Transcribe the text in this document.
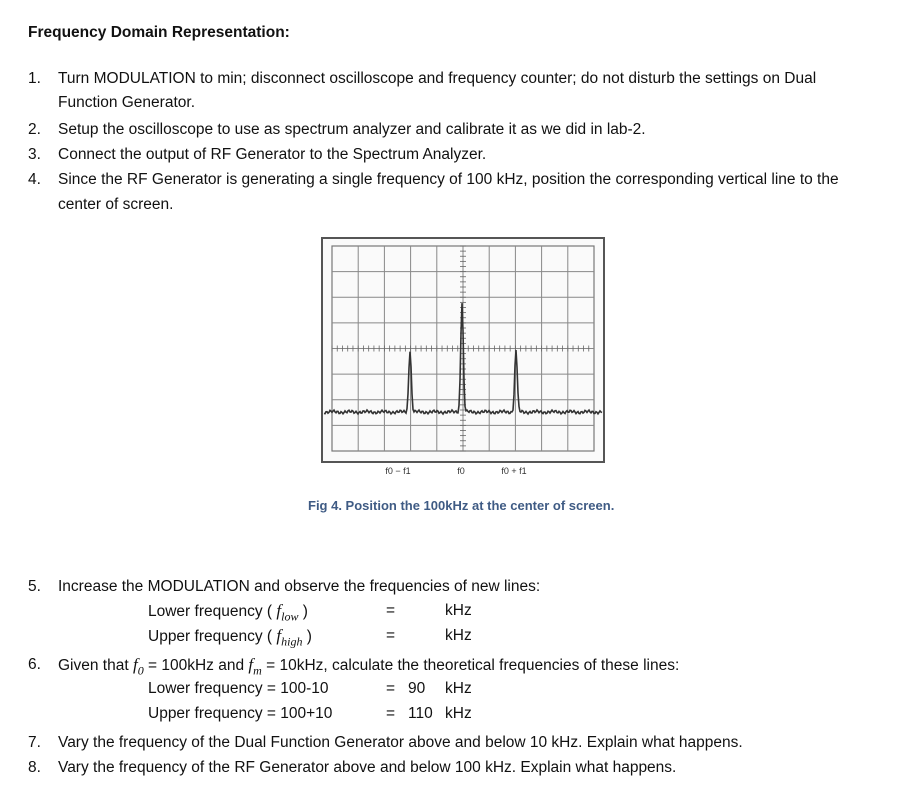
Frequency Domain Representation:
1.	Turn MODULATION to min; disconnect oscilloscope and frequency counter; do not disturb the settings on Dual
Function Generator.
2.	Setup the oscilloscope to use as spectrum analyzer and calibrate it as we did in lab-2.
3.	Connect the output of RF Generator to the Spectrum Analyzer.
4.	Since the RF Generator is generating a single frequency of 100 kHz, position the corresponding vertical line to the
center of screen.
f0 − f1	f0	f0 + f1
Fig 4. Position the 100kHz at the center of screen.
5.	Increase the MODULATION and observe the frequencies of new lines:
Lower frequency ( $f_{low}$ )	=	kHz
Upper frequency ( $f_{high}$ )	=	kHz
6.	Given that $f_0 = 100kHz$ and $f_m = 10kHz$, calculate the theoretical frequencies of these lines:
Lower frequency = 100-10	= 90 kHz
Upper frequency = 100+10	= 110 kHz
7.	Vary the frequency of the Dual Function Generator above and below 10 kHz. Explain what happens.
8.	Vary the frequency of the RF Generator above and below 100 kHz. Explain what happens.
